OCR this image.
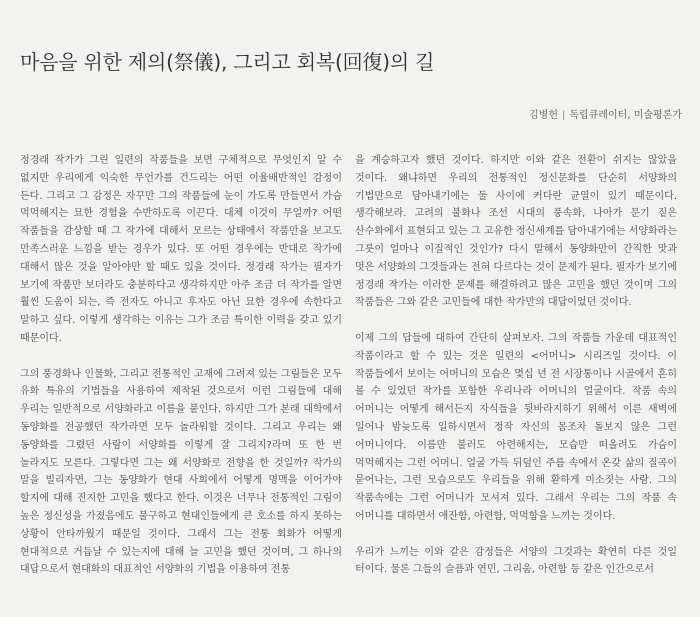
마음을 위한 제의(祭儀), 그리고 회복(回復)의 길
김병헌 | 독립큐레이터, 미술평론가

정경래 작가가 그린 일련의 작품들을 보면 구체적으로 무엇인지 알 수 없지만 우리에게 익숙한 무언가를 건드리는 어떤 이율배반적인 감정이 든다. 그리고 그 감정은 자꾸만 그의 작품들에 눈이 가도록 만들면서 가슴 먹먹해지는 묘한 경험을 수반하도록 이끈다. 대체 이것이 무얼까? 어떤 작품들을 감상할 때 그 작가에 대해서 모르는 상태에서 작품만을 보고도 만족스러운 느낌을 받는 경우가 있다. 또 어떤 경우에는 반대로 작가에 대해서 많은 것을 알아야만 할 때도 있을 것이다. 정경래 작가는 필자가 보기에 작품만 보더라도 충분하다고 생각하지만 아주 조금 더 작가를 알면 훨씬 도움이 되는, 즉 전자도 아니고 후자도 아닌 묘한 경우에 속한다고 말하고 싶다. 이렇게 생각하는 이유는 그가 조금 특이한 이력을 갖고 있기 때문이다.

그의 풍경화나 인물화, 그리고 전통적인 고재에 그려져 있는 그림들은 모두 유화 특유의 기법들을 사용하여 제작된 것으로서 이런 그림들에 대해 우리는 일반적으로 서양화라고 이름을 붙인다. 하지만 그가 본래 대학에서 동양화를 전공했던 작가라면 모두 놀라워할 것이다. 그리고 우리는 왜 동양화를 그렸던 사람이 서양화를 이렇게 잘 그리지?라며 또 한 번 놀라지도 모른다. 그렇다면 그는 왜 서양화로 전향을 한 것일까? 작가의 말을 빌리자면, 그는 동양화가 현대 사회에서 어떻게 명맥을 이어가야 할지에 대해 진지한 고민을 했다고 한다. 이것은 너무나 전통적인 그림이 높은 정신성을 가졌음에도 불구하고 현대인들에게 큰 호소를 하지 못하는 상황이 안타까웠기 때문일 것이다. 그래서 그는 전통 회화가 어떻게 현대적으로 거듭날 수 있는지에 대해 늘 고민을 했던 것이며, 그 하나의 대답으로서 현대화의 대표적인 서양화의 기법을 이용하여 전통

을 계승하고자 했던 것이다. 하지만 이와 같은 전환이 쉬지는 않았을 것이다. 왜냐하면 우리의 전통적인 정신문화를 단순히 서양화의 기법만으로 담아내기에는 둘 사이에 커다란 균열이 있기 때문이다. 생각해보라. 고려의 불화나 조선 시대의 풍속화, 나아가 문기 짙은 산수화에서 표현되고 있는 그 고유한 정신세계를 담아내기에는 서양화라는 그릇이 얼마나 이질적인 것인가? 다시 말해서 동양화만이 간직한 맛과 멋은 서양화의 그것들과는 전혀 다르다는 것이 문제가 된다. 필자가 보기에 정경래 작가는 이러한 문제를 해결하려고 많은 고민을 했던 것이며 그의 작품들은 그와 같은 고민들에 대한 작가만의 대답이었던 것이다.

이제 그의 답들에 대하여 간단히 살펴보자. 그의 작품들 가운데 대표적인 작품이라고 할 수 있는 것은 일련의 <어머니> 시리즈일 것이다. 이 작품들에서 보이는 어머니의 모습은 몇십 년 전 시장통이나 시골에서 흔히 볼 수 있었던 작가를 포함한 우리나라 어머니의 얼굴이다. 작품 속의 어머니는 어떻게 해서든지 자식들을 뒷바라지하기 위해서 이른 새벽에 일어나 밤늦도록 일하시면서 정작 자신의 몸조차 돌보지 않은 그런 어머니이다. 이름만 불러도 아련해지는, 모습만 떠올려도 가슴이 먹먹해지는 그런 어머니. 얼굴 가득 뒤덮인 주름 속에서 온갖 삶의 질곡이 묻어나는, 그런 모습으로도 우리들을 위해 환하게 미소짓는 사람. 그의 작품속에는 그런 어머니가 모셔져 있다. 그래서 우리는 그의 작품 속 어머니를 대하면서 애잔함, 아련함, 먹먹함을 느끼는 것이다.

우리가 느끼는 이와 같은 감정들은 서양의 그것과는 확연히 다른 것일 터이다. 물론 그들의 슬픔과 연민, 그리움, 아련함 등 같은 인간으로서
